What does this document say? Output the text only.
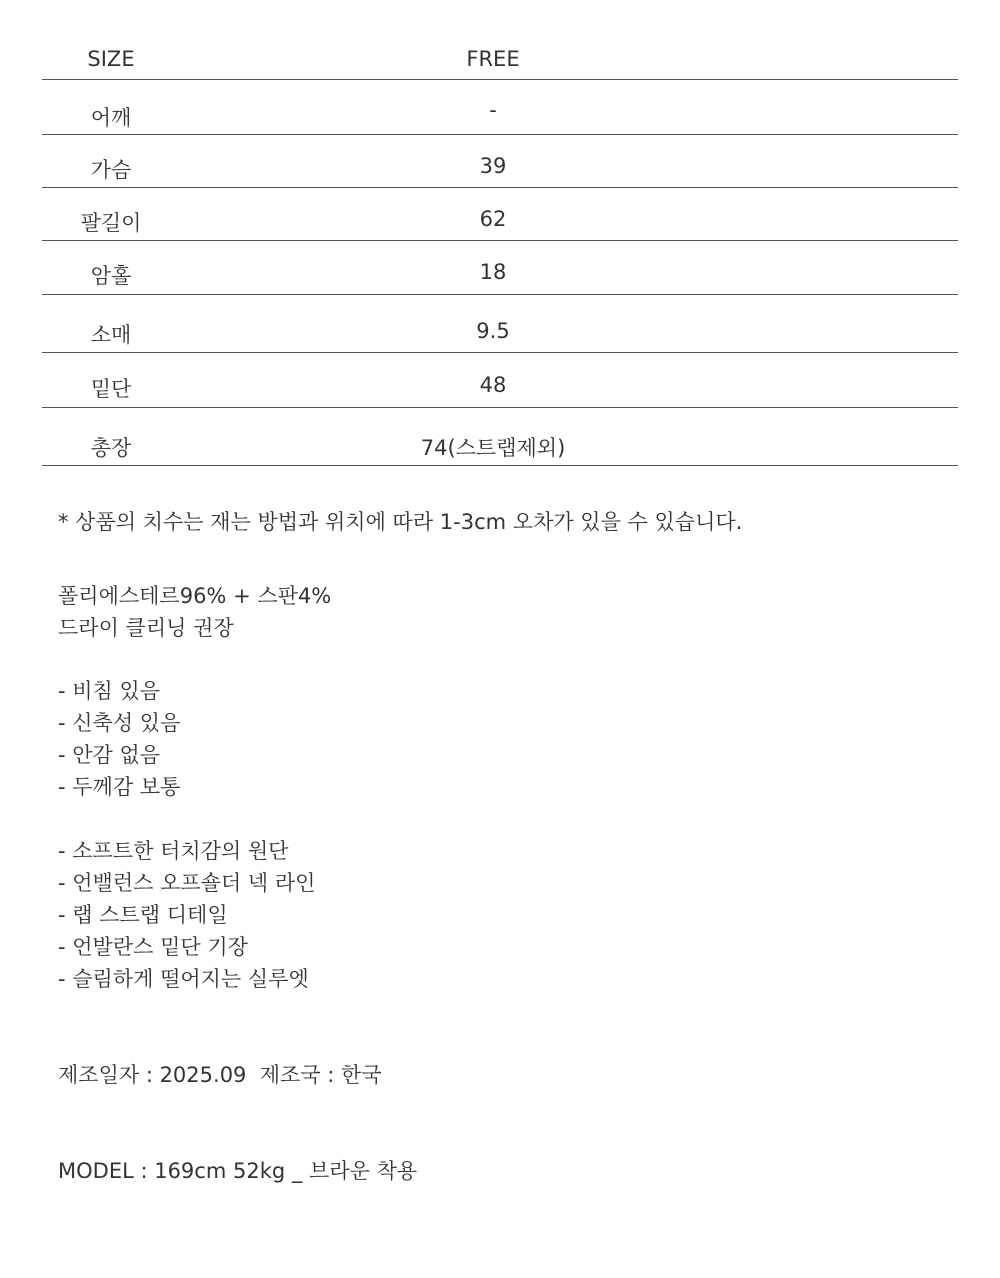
SIZE	FREE
어깨	-
가슴	39
팔길이	62
암홀	18
소매	9.5
밑단	48
총장	74(스트랩제외)
* 상품의 치수는 재는 방법과 위치에 따라 1-3cm 오차가 있을 수 있습니다.
폴리에스테르96% + 스판4%
드라이 클리닝 권장
- 비침 있음
- 신축성 있음
- 안감 없음
- 두께감 보통
- 소프트한 터치감의 원단
- 언밸런스 오프숄더 넥 라인
- 랩 스트랩 디테일
- 언발란스 밑단 기장
- 슬림하게 떨어지는 실루엣
제조일자 : 2025.09  제조국 : 한국
MODEL : 169cm 52kg _ 브라운 착용
